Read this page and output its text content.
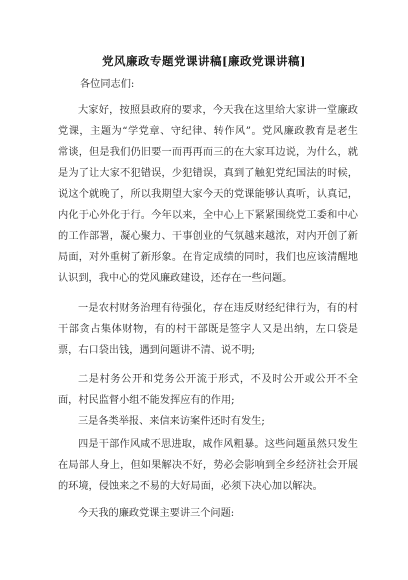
党风廉政专题党课讲稿[廉政党课讲稿]
各位同志们:
大家好，按照县政府的要求，今天我在这里给大家讲一堂廉政
党课，主题为“学党章、守纪律、转作风”。党风廉政教育是老生
常谈，但是我们仍旧要一而再再而三的在大家耳边说，为什么，就
是为了让大家不犯错误，少犯错误，真到了触犯党纪国法的时候，
说这个就晚了，所以我期望大家今天的党课能够认真听，认真记，
内化于心外化于行。今年以来，全中心上下紧紧围绕党工委和中心
的工作部署，凝心聚力、干事创业的气氛越来越浓，对内开创了新
局面，对外重树了新形象。在肯定成绩的同时，我们也应该清醒地
认识到，我中心的党风廉政建设，还存在一些问题。
一是农村财务治理有待强化，存在违反财经纪律行为，有的村
干部贪占集体财物，有的村干部既是签字人又是出纳，左口袋是
票，右口袋出钱，遇到问题讲不清、说不明;
二是村务公开和党务公开流于形式，不及时公开或公开不全
面，村民监督小组不能发挥应有的作用;
三是各类举报、来信来访案件还时有发生;
四是干部作风咸不思进取，咸作风粗暴。这些问题虽然只发生
在局部人身上，但如果解决不好，势必会影响到全乡经济社会开展
的环境，侵蚀来之不易的大好局面，必须下决心加以解决。
今天我的廉政党课主要讲三个问题:
